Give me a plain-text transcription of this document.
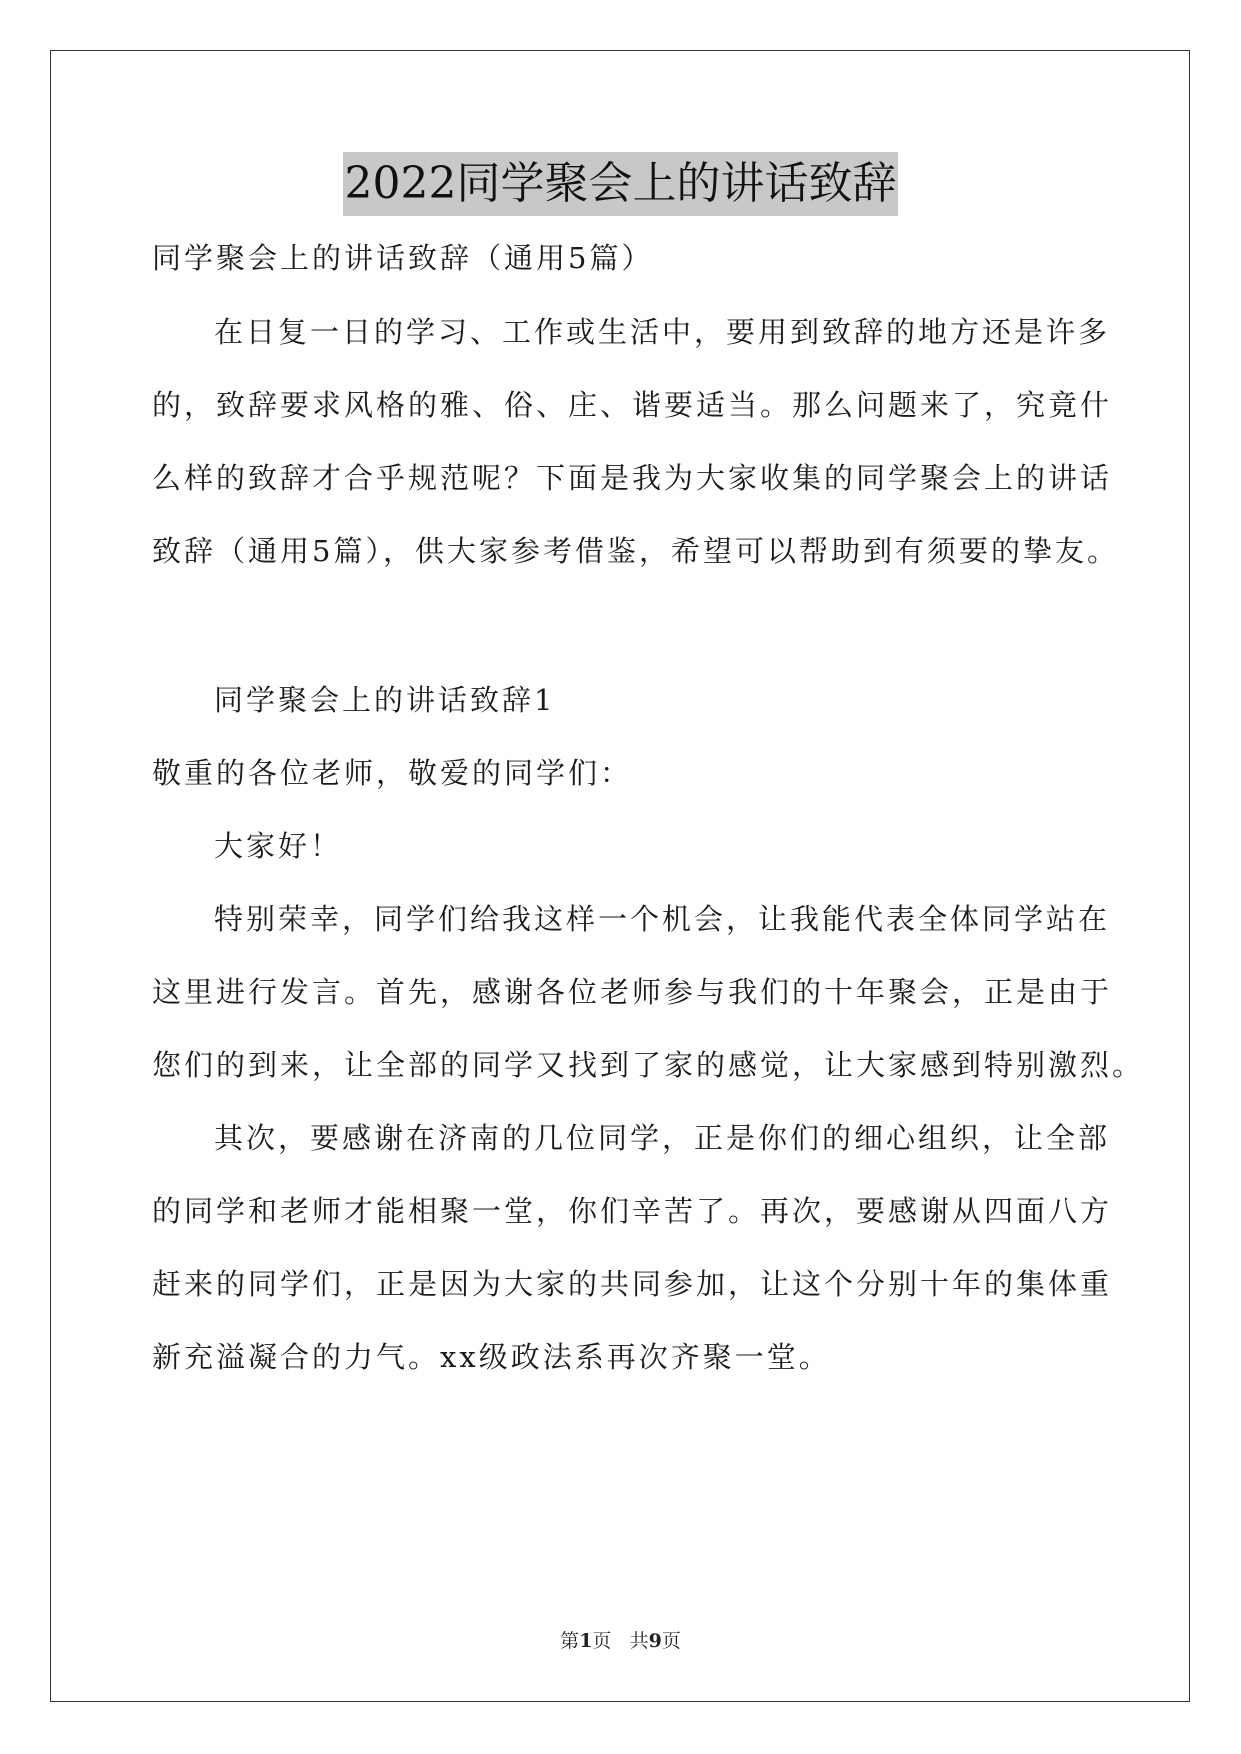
2022同学聚会上的讲话致辞
同学聚会上的讲话致辞（通用5篇）
在日复一日的学习、工作或生活中，要用到致辞的地方还是许多
的，致辞要求风格的雅、俗、庄、谐要适当。那么问题来了，究竟什
么样的致辞才合乎规范呢？下面是我为大家收集的同学聚会上的讲话
致辞（通用5篇），供大家参考借鉴，希望可以帮助到有须要的挚友。
同学聚会上的讲话致辞1
敬重的各位老师，敬爱的同学们：
大家好！
特别荣幸，同学们给我这样一个机会，让我能代表全体同学站在
这里进行发言。首先，感谢各位老师参与我们的十年聚会，正是由于
您们的到来，让全部的同学又找到了家的感觉，让大家感到特别激烈。
其次，要感谢在济南的几位同学，正是你们的细心组织，让全部
的同学和老师才能相聚一堂，你们辛苦了。再次，要感谢从四面八方
赶来的同学们，正是因为大家的共同参加，让这个分别十年的集体重
新充溢凝合的力气。xx级政法系再次齐聚一堂。
第1页 共9页
